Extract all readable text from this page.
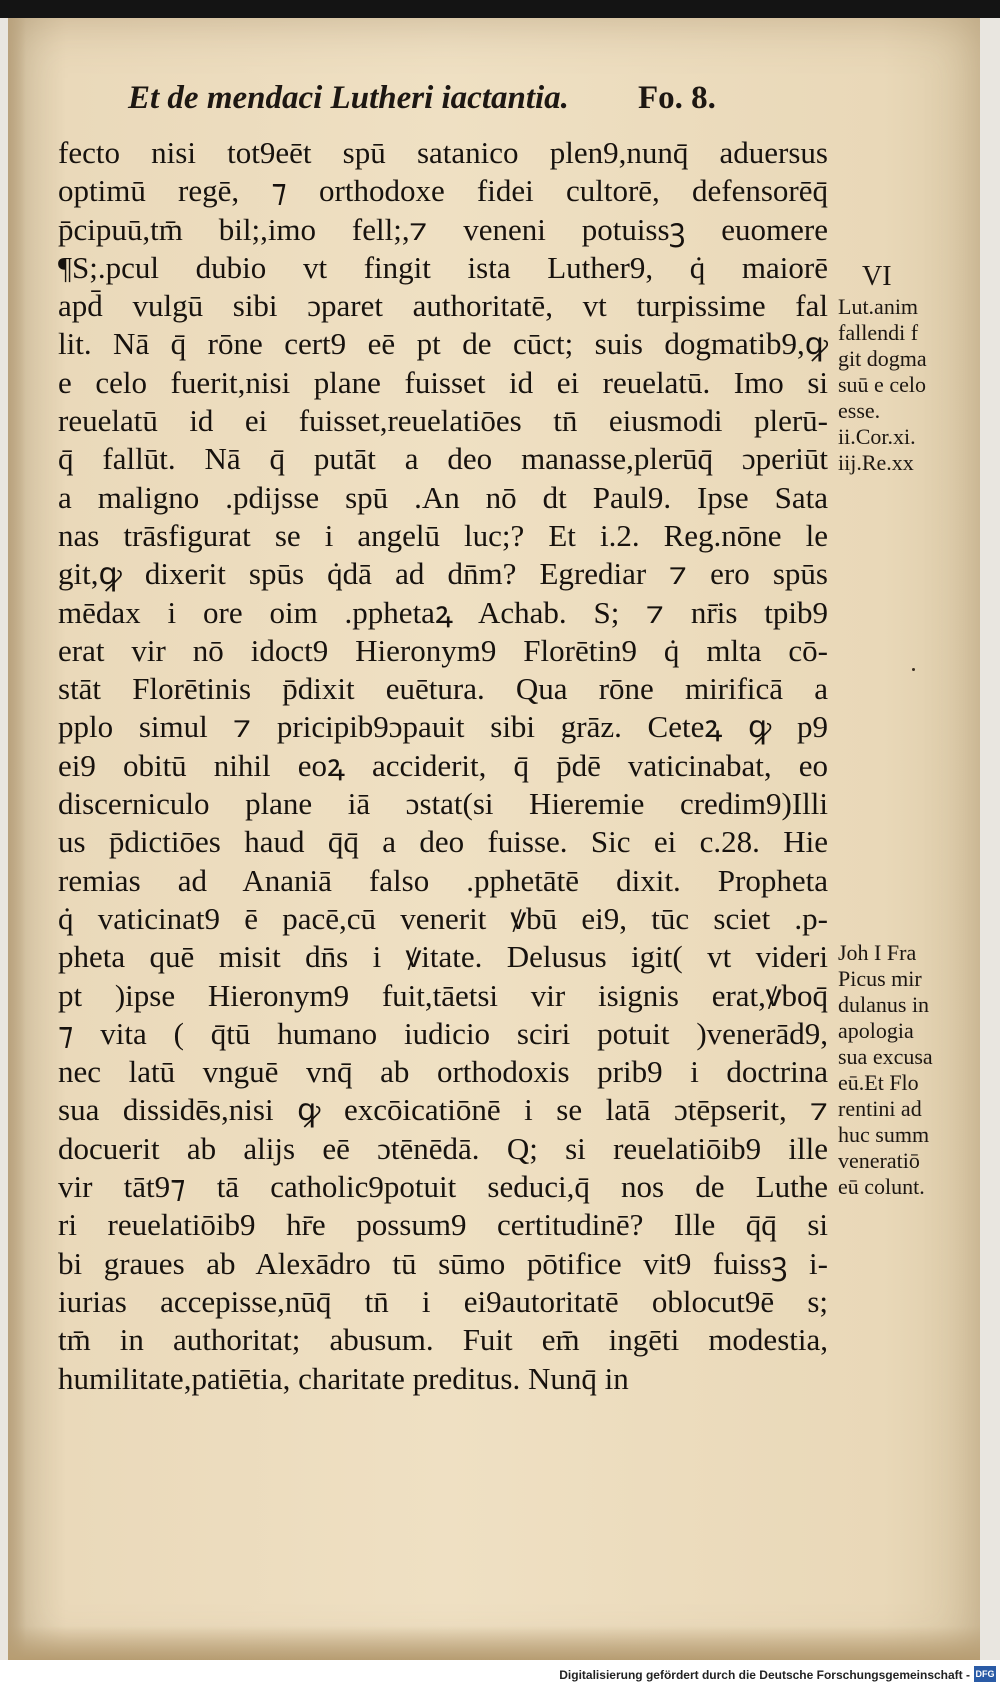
Et de mendaci Lutheri iactantia. Fo. 8.
fecto nisi tot9eēt spū satanico plen9,nunq̄ aduersus
optimū regē, ⁊ orthodoxe fidei cultorē, defensorēq̄
p̄cipuū,tm̄ bil;,imo fell;,⁊ veneni potuissꝫ euomere
¶S;.pcul dubio vt fingit ista Luther9, q̇ maiorē
apd̄ vulgū sibi ɔparet authoritatē, vt turpissime fal
lit. Nā q̄ rōne cert9 eē pt de cūct; suis dogmatib9,ꝙ
e celo fuerit,nisi plane fuisset id ei reuelatū. Imo si
reuelatū id ei fuisset,reuelatiōes tn̄ eiusmodi plerū-
q̄ fallūt. Nā q̄ putāt a deo manasse,plerūq̄ ɔperiūt
a maligno .pdijsse spū .An nō dt Paul9. Ipse Sata
nas trāsfigurat se i angelū luc;? Et i.2. Reg.nōne le
git,ꝙ dixerit spūs q̇dā ad dn̄m? Egrediar ⁊ ero spūs
mēdax i ore oim .pphetaꝝ Achab. S; ⁊ nr̄is tpib9
erat vir nō idoct9 Hieronym9 Florētin9 q̇ mlta cō-
stāt Florētinis p̄dixit euētura. Qua rōne mirificā a
pplo simul ⁊ pricipib9ɔpauit sibi grāz. Ceteꝝ ꝙ p9
ei9 obitū nihil eoꝝ acciderit, q̄ p̄dē vaticinabat, eo
discerniculo plane iā ɔstat(si Hieremie credim9)Illi
us p̄dictiōes haud q̄q̄ a deo fuisse. Sic ei c.28. Hie
remias ad Ananiā falso .pphetātē dixit. Propheta
q̇ vaticinat9 ē pacē,cū venerit ꝟbū ei9, tūc sciet .p-
pheta quē misit dn̄s i ꝟitate. Delusus igit( vt videri
pt )ipse Hieronym9 fuit,tāetsi vir isignis erat,ꝟboq̄
⁊ vita ( q̄tū humano iudicio sciri potuit )venerād9,
nec latū vnguē vnq̄ ab orthodoxis prib9 i doctrina
sua dissidēs,nisi ꝙ excōicatiōnē i se latā ɔtēpserit, ⁊
docuerit ab alijs eē ɔtēnēdā. Q; si reuelatiōib9 ille
vir tāt9⁊ tā catholic9potuit seduci,q̄ nos de Luthe
ri reuelatiōib9 hr̄e possum9 certitudinē? Ille q̄q̄ si
bi graues ab Alexādro tū sūmo pōtifice vit9 fuissꝫ i-
iurias accepisse,nūq̄ tn̄ i ei9autoritatē oblocut9ē s;
tm̄ in authoritat; abusum. Fuit em̄ ingēti modestia,
humilitate,patiētia, charitate preditus. Nunq̄ in
VI
Lut.anim
fallendi f
git dogma
suū e celo
esse.
ii.Cor.xi.
iij.Re.xx
Joh I Fra
Picus mir
dulanus in
apologia
sua excusa
eū.Et Flo
rentini ad
huc summ
veneratiō
eū colunt.
Digitalisierung gefördert durch die Deutsche Forschungsgemeinschaft - DFG
